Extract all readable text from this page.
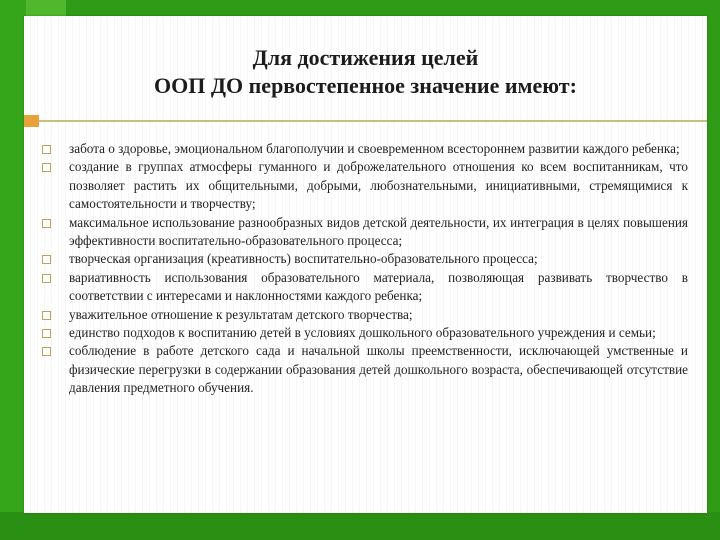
Для достижения целей
ООП ДО первостепенное значение имеют:
забота о здоровье, эмоциональном благополучии и своевременном всестороннем развитии каждого ребенка;
создание в группах атмосферы гуманного и доброжелательного отношения ко всем воспитанникам, что позволяет растить их общительными, добрыми, любознательными, инициативными, стремящимися к самостоятельности и творчеству;
максимальное использование разнообразных видов детской деятельности, их интеграция в целях повышения эффективности воспитательно-образовательного процесса;
творческая организация (креативность) воспитательно-образовательного процесса;
вариативность использования образовательного материала, позволяющая развивать творчество в соответствии с интересами и наклонностями каждого ребенка;
уважительное отношение к результатам детского творчества;
единство подходов к воспитанию детей в условиях дошкольного образовательного учреждения и семьи;
соблюдение в работе детского сада и начальной школы преемственности, исключающей умственные и физические перегрузки в содержании образования детей дошкольного возраста, обеспечивающей отсутствие давления предметного обучения.
